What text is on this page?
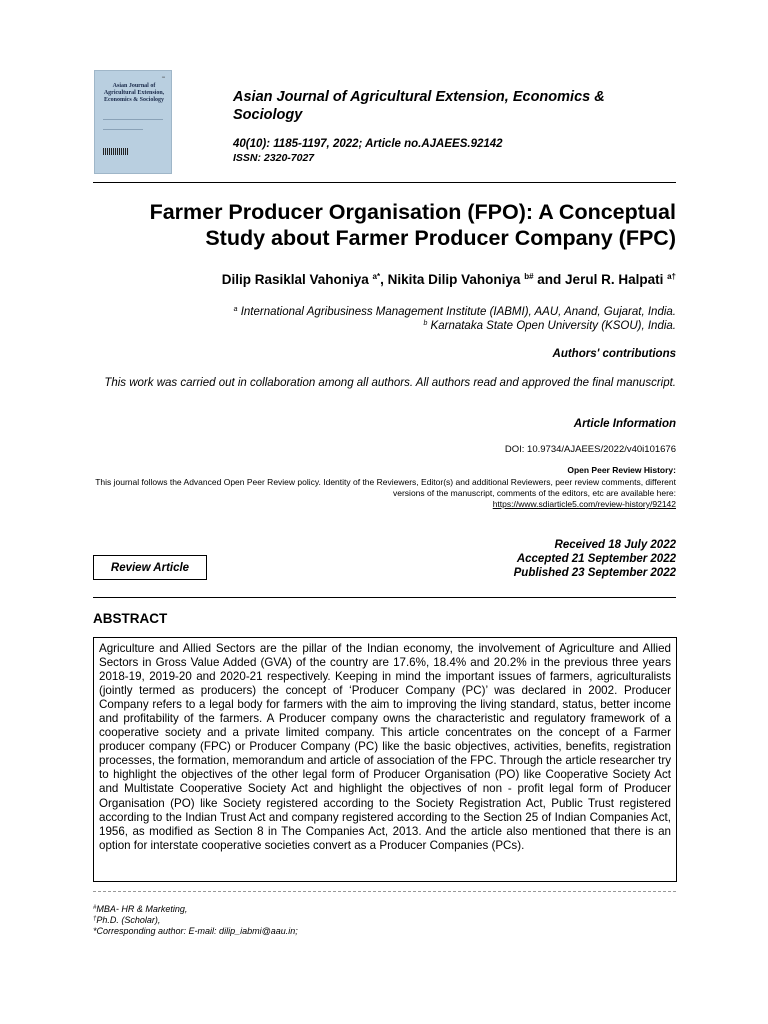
▪▪▪
Asian Journal of
Agricultural Extension,
Economics & Sociology	Asian Journal of Agricultural Extension, Economics & Sociology
40(10): 1185-1197, 2022; Article no.AJAEES.92142
ISSN: 2320-7027
Farmer Producer Organisation (FPO): A Conceptual
Study about Farmer Producer Company (FPC)
Dilip Rasiklal Vahoniya $^{a*}$, Nikita Dilip Vahoniya $^{b\#}$ and Jerul R. Halpati $^{a\dagger}$
$^a$ International Agribusiness Management Institute (IABMI), AAU, Anand, Gujarat, India.
$^b$ Karnataka State Open University (KSOU), India.
Authors' contributions
This work was carried out in collaboration among all authors. All authors read and approved the final manuscript.
Article Information
DOI: 10.9734/AJAEES/2022/v40i101676
Open Peer Review History:
This journal follows the Advanced Open Peer Review policy. Identity of the Reviewers, Editor(s) and additional Reviewers, peer review comments, different versions of the manuscript, comments of the editors, etc are available here:
https://www.sdiarticle5.com/review-history/92142
Review Article
Received 18 July 2022
Accepted 21 September 2022
Published 23 September 2022
ABSTRACT

Agriculture and Allied Sectors are the pillar of the Indian economy, the involvement of Agriculture and Allied Sectors in Gross Value Added (GVA) of the country are 17.6%, 18.4% and 20.2% in the previous three years 2018-19, 2019-20 and 2020-21 respectively. Keeping in mind the important issues of farmers, agriculturalists (jointly termed as producers) the concept of ‘Producer Company (PC)’ was declared in 2002. Producer Company refers to a legal body for farmers with the aim to improving the living standard, status, better income and profitability of the farmers. A Producer company owns the characteristic and regulatory framework of a cooperative society and a private limited company. This article concentrates on the concept of a Farmer producer company (FPC) or Producer Company (PC) like the basic objectives, activities, benefits, registration processes, the formation, memorandum and article of association of the FPC. Through the article researcher try to highlight the objectives of the other legal form of Producer Organisation (PO) like Cooperative Society Act and Multistate Cooperative Society Act and highlight the objectives of non - profit legal form of Producer Organisation (PO) like Society registered according to the Society Registration Act, Public Trust registered according to the Indian Trust Act and company registered according to the Section 25 of Indian Companies Act, 1956, as modified as Section 8 in The Companies Act, 2013. And the article also mentioned that there is an option for interstate cooperative societies convert as a Producer Companies (PCs).

#MBA- HR & Marketing,
†Ph.D. (Scholar),
*Corresponding author: E-mail: dilip_iabmi@aau.in;
